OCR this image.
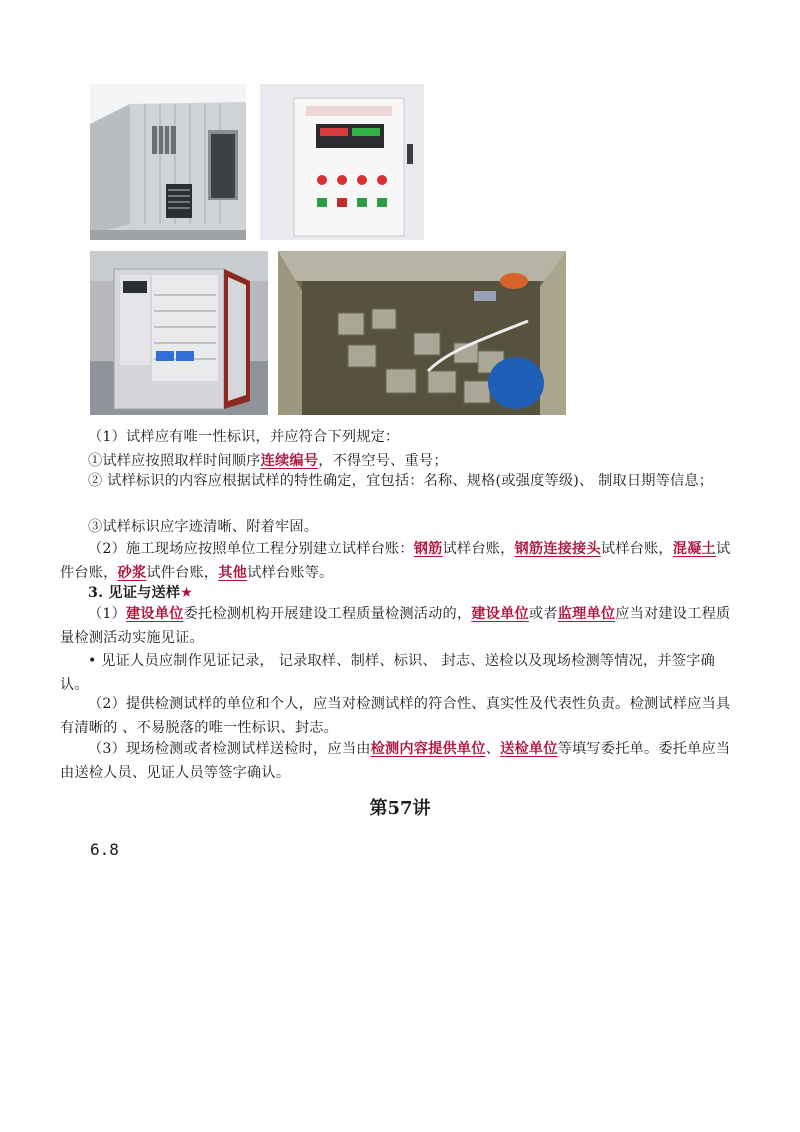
（1）试样应有唯一性标识，并应符合下列规定：
①试样应按照取样时间顺序连续编号，不得空号、重号；
② 试样标识的内容应根据试样的特性确定，宜包括：名称、规格(或强度等级)、 制取日期等信息；
③试样标识应字迹清晰、附着牢固。
（2）施工现场应按照单位工程分别建立试样台账：钢筋试样台账，钢筋连接接头试样台账，混凝土试件台账，砂浆试件台账，其他试样台账等。
3. 见证与送样★
（1）建设单位委托检测机构开展建设工程质量检测活动的，建设单位或者监理单位应当对建设工程质量检测活动实施见证。
• 见证人员应制作见证记录， 记录取样、制样、标识、 封志、送检以及现场检测等情况，并签字确认。
（2）提供检测试样的单位和个人，应当对检测试样的符合性、真实性及代表性负责。检测试样应当具有清晰的 、不易脱落的唯一性标识、封志。
（3）现场检测或者检测试样送检时，应当由检测内容提供单位、送检单位等填写委托单。委托单应当由送检人员、见证人员等签字确认。
第57讲
6.8
